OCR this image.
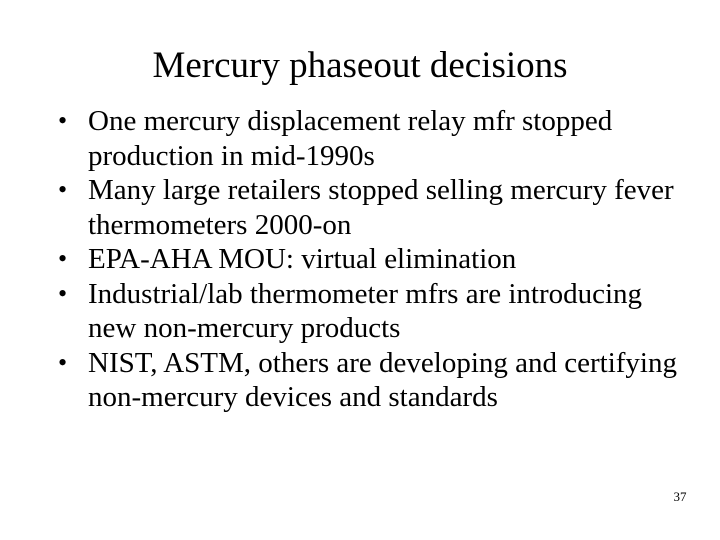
Mercury phaseout decisions
• One mercury displacement relay mfr stopped production in mid-1990s
• Many large retailers stopped selling mercury fever thermometers 2000-on
• EPA-AHA MOU: virtual elimination
• Industrial/lab thermometer mfrs are introducing new non-mercury products
• NIST, ASTM, others are developing and certifying non-mercury devices and standards
37
